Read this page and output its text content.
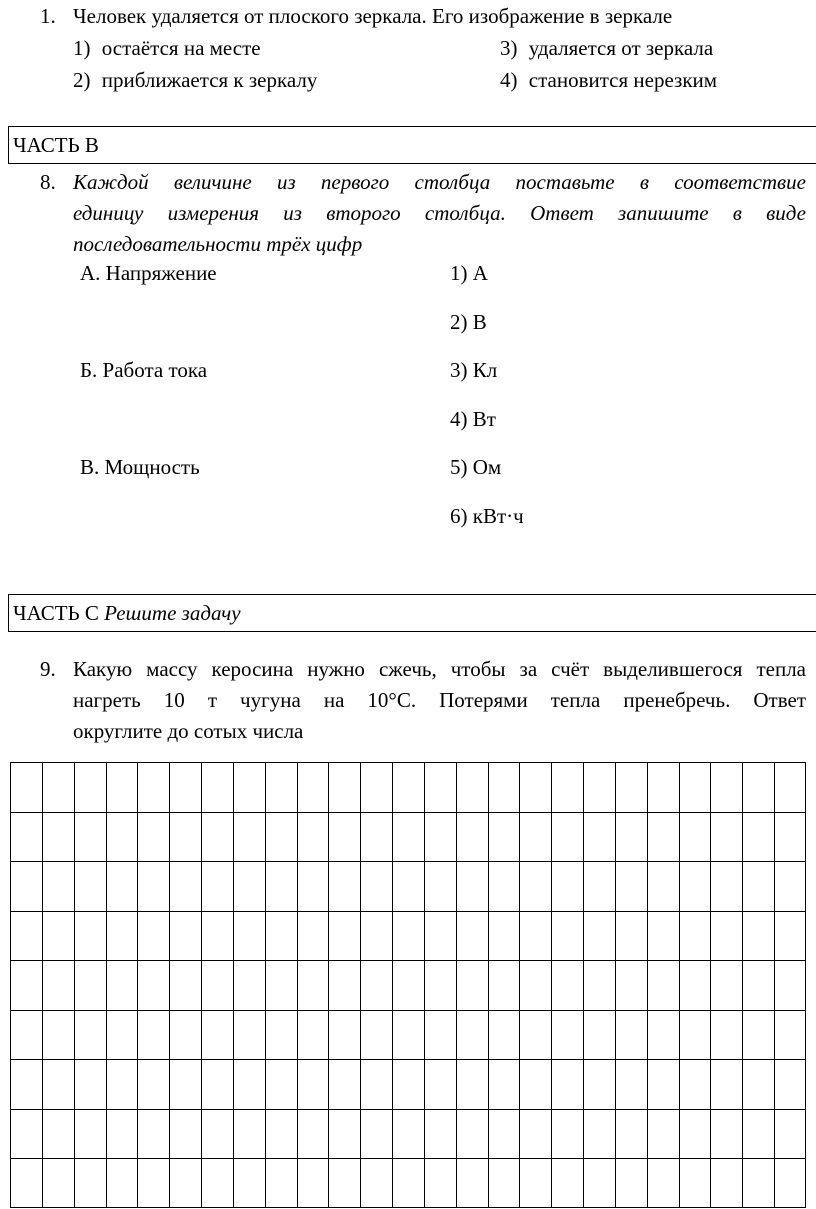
1. Человек удаляется от плоского зеркала. Его изображение в зеркале
1) остаётся на месте
2) приближается к зеркалу
3) удаляется от зеркала
4) становится нерезким
ЧАСТЬ В
8. Каждой величине из первого столбца поставьте в соответствие
единицу измерения из второго столбца. Ответ запишите в виде
последовательности трёх цифр
А. Напряжение
Б. Работа тока
В. Мощность
1) А
2) В
3) Кл
4) Вт
5) Ом
6) кВт·ч
ЧАСТЬ С Решите задачу
9. Какую массу керосина нужно сжечь, чтобы за счёт выделившегося тепла
нагреть 10 т чугуна на 10°С. Потерями тепла пренебречь. Ответ
округлите до сотых числа
